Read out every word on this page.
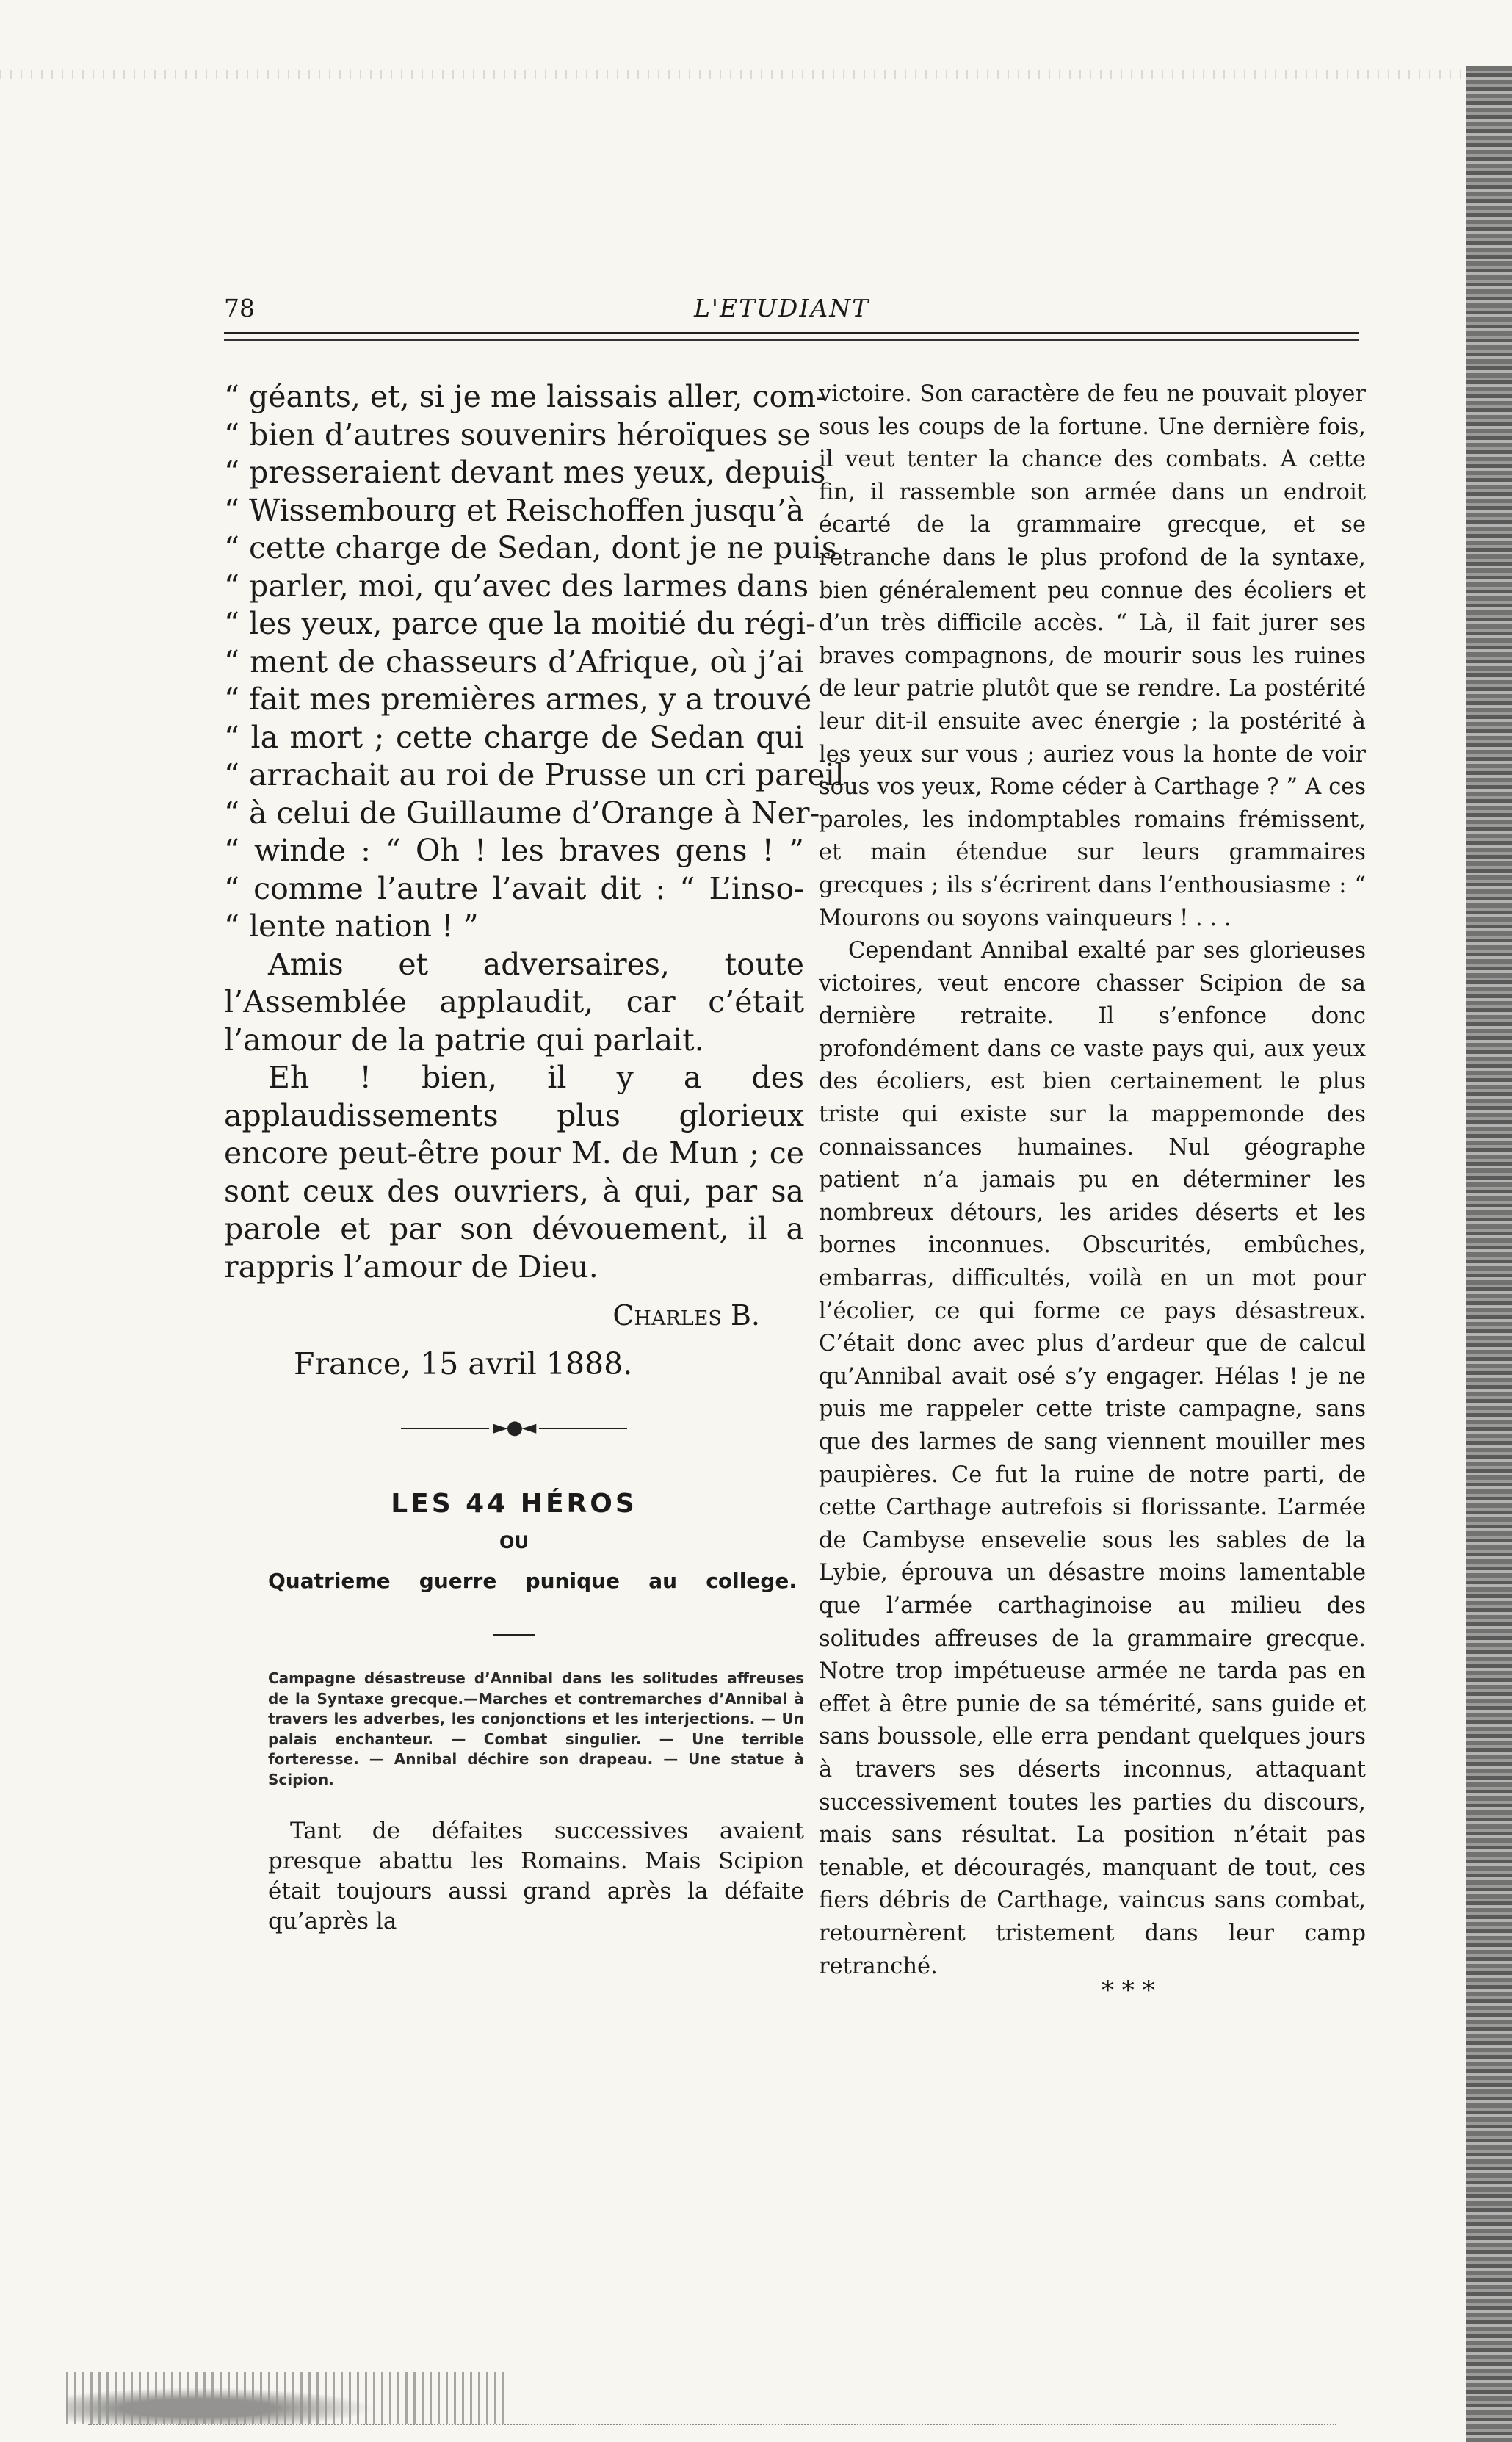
78	L'ETUDIANT
“ géants, et, si je me laissais aller, com-
“ bien d’autres souvenirs héroïques se
“ presseraient devant mes yeux, depuis
“ Wissembourg et Reischoffen jusqu’à
“ cette charge de Sedan, dont je ne puis
“ parler, moi, qu’avec des larmes dans
“ les yeux, parce que la moitié du régi-
“ ment de chasseurs d’Afrique, où j’ai
“ fait mes premières armes, y a trouvé
“ la mort ; cette charge de Sedan qui
“ arrachait au roi de Prusse un cri pareil
“ à celui de Guillaume d’Orange à Ner-
“ winde : “ Oh ! les braves gens ! ”
“ comme l’autre l’avait dit : “ L’inso-
“ lente nation ! ”

Amis et adversaires, toute l’Assemblée applaudit, car c’était l’amour de la patrie qui parlait.

Eh ! bien, il y a des applaudissements plus glorieux encore peut-être pour M. de Mun ; ce sont ceux des ouvriers, à qui, par sa parole et par son dévouement, il a rappris l’amour de Dieu.

Charles B.
France, 15 avril 1888.
►●◄
LES 44 HÉROS
OU
Quatrieme guerre punique au college.
Campagne désastreuse d’Annibal dans les solitudes affreuses de la Syntaxe grecque.—Marches et contremarches d’Annibal à travers les adverbes, les conjonctions et les interjections. — Un palais enchanteur. — Combat singulier. — Une terrible forteresse. — Annibal déchire son drapeau. — Une statue à Scipion.
Tant de défaites successives avaient presque abattu les Romains. Mais Scipion était toujours aussi grand après la défaite qu’après la

victoire. Son caractère de feu ne pouvait ployer sous les coups de la fortune. Une dernière fois, il veut tenter la chance des combats. A cette fin, il rassemble son armée dans un endroit écarté de la grammaire grecque, et se retranche dans le plus profond de la syntaxe, bien généralement peu connue des écoliers et d’un très difficile accès. “ Là, il fait jurer ses braves compagnons, de mourir sous les ruines de leur patrie plutôt que se rendre. La postérité leur dit-il ensuite avec énergie ; la postérité à les yeux sur vous ; auriez vous la honte de voir sous vos yeux, Rome céder à Carthage ? ” A ces paroles, les indomptables romains frémissent, et main étendue sur leurs grammaires grecques ; ils s’écrirent dans l’enthousiasme : “ Mourons ou soyons vainqueurs ! . . .

Cependant Annibal exalté par ses glorieuses victoires, veut encore chasser Scipion de sa dernière retraite. Il s’enfonce donc profondément dans ce vaste pays qui, aux yeux des écoliers, est bien certainement le plus triste qui existe sur la mappemonde des connaissances humaines. Nul géographe patient n’a jamais pu en déterminer les nombreux détours, les arides déserts et les bornes inconnues. Obscurités, embûches, embarras, difficultés, voilà en un mot pour l’écolier, ce qui forme ce pays désastreux. C’était donc avec plus d’ardeur que de calcul qu’Annibal avait osé s’y engager. Hélas ! je ne puis me rappeler cette triste campagne, sans que des larmes de sang viennent mouiller mes paupières. Ce fut la ruine de notre parti, de cette Carthage autrefois si florissante. L’armée de Cambyse ensevelie sous les sables de la Lybie, éprouva un désastre moins lamentable que l’armée carthaginoise au milieu des solitudes affreuses de la grammaire grecque. Notre trop impétueuse armée ne tarda pas en effet à être punie de sa témérité, sans guide et sans boussole, elle erra pendant quelques jours à travers ses déserts inconnus, attaquant successivement toutes les parties du discours, mais sans résultat. La position n’était pas tenable, et découragés, manquant de tout, ces fiers débris de Carthage, vaincus sans combat, retournèrent tristement dans leur camp retranché.

* * *
